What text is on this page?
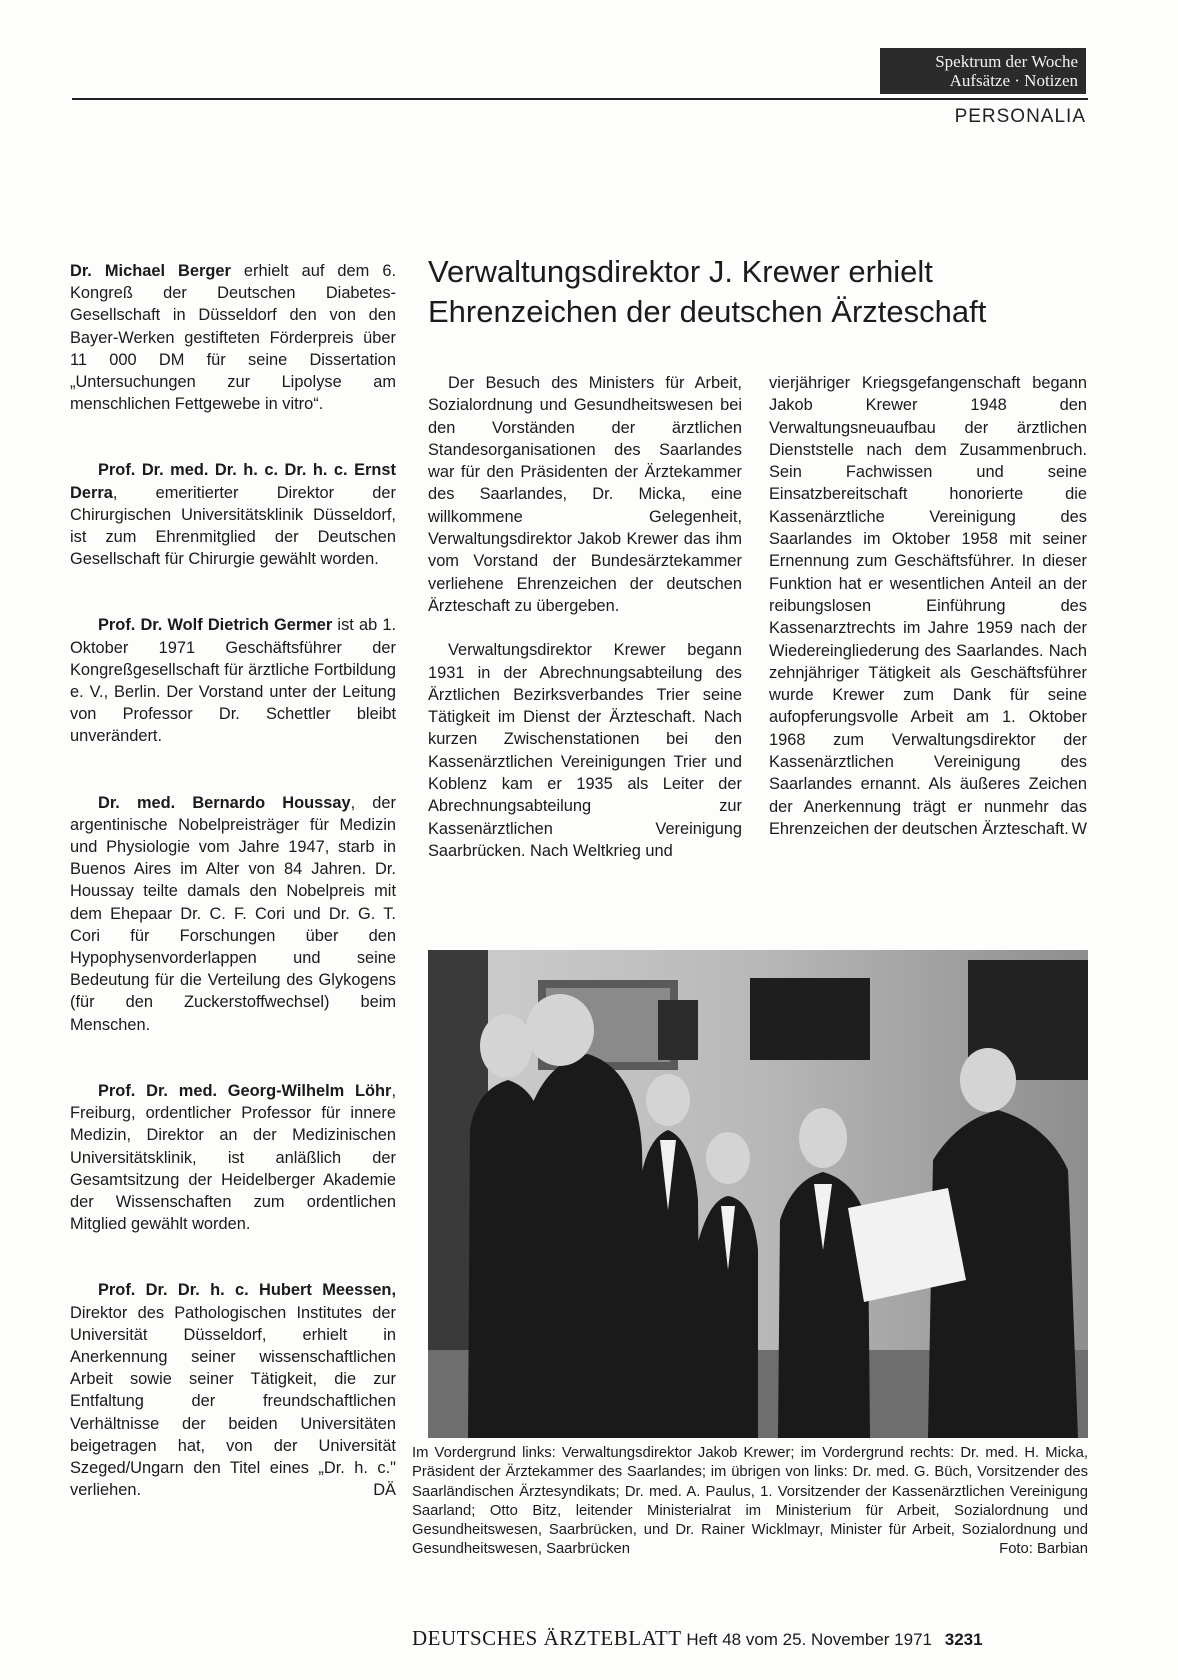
Spektrum der Woche
Aufsätze · Notizen
PERSONALIA

Dr. Michael Berger erhielt auf dem 6. Kongreß der Deutschen Diabetes-Gesellschaft in Düsseldorf den von den Bayer-Werken gestifteten Förderpreis über 11 000 DM für seine Dissertation „Untersuchungen zur Lipolyse am menschlichen Fettgewebe in vitro“.

Prof. Dr. med. Dr. h. c. Dr. h. c. Ernst Derra, emeritierter Direktor der Chirurgischen Universitätsklinik Düsseldorf, ist zum Ehrenmitglied der Deutschen Gesellschaft für Chirurgie gewählt worden.

Prof. Dr. Wolf Dietrich Germer ist ab 1. Oktober 1971 Geschäftsführer der Kongreßgesellschaft für ärztliche Fortbildung e. V., Berlin. Der Vorstand unter der Leitung von Professor Dr. Schettler bleibt unverändert.

Dr. med. Bernardo Houssay, der argentinische Nobelpreisträger für Medizin und Physiologie vom Jahre 1947, starb in Buenos Aires im Alter von 84 Jahren. Dr. Houssay teilte damals den Nobelpreis mit dem Ehepaar Dr. C. F. Cori und Dr. G. T. Cori für Forschungen über den Hypophysenvorderlappen und seine Bedeutung für die Verteilung des Glykogens (für den Zuckerstoffwechsel) beim Menschen.

Prof. Dr. med. Georg-Wilhelm Löhr, Freiburg, ordentlicher Professor für innere Medizin, Direktor an der Medizinischen Universitätsklinik, ist anläßlich der Gesamtsitzung der Heidelberger Akademie der Wissenschaften zum ordentlichen Mitglied gewählt worden.

Prof. Dr. Dr. h. c. Hubert Meessen, Direktor des Pathologischen Institutes der Universität Düsseldorf, erhielt in Anerkennung seiner wissenschaftlichen Arbeit sowie seiner Tätigkeit, die zur Entfaltung der freundschaftlichen Verhältnisse der beiden Universitäten beigetragen hat, von der Universität Szeged/Ungarn den Titel eines „Dr. h. c." verliehen.	DÄ

Verwaltungsdirektor J. Krewer erhielt
Ehrenzeichen der deutschen Ärzteschaft

Der Besuch des Ministers für Arbeit, Sozialordnung und Gesundheitswesen bei den Vorständen der ärztlichen Standesorganisationen des Saarlandes war für den Präsidenten der Ärztekammer des Saarlandes, Dr. Micka, eine willkommene Gelegenheit, Verwaltungsdirektor Jakob Krewer das ihm vom Vorstand der Bundesärztekammer verliehene Ehrenzeichen der deutschen Ärzteschaft zu übergeben.

Verwaltungsdirektor Krewer begann 1931 in der Abrechnungsabteilung des Ärztlichen Bezirksverbandes Trier seine Tätigkeit im Dienst der Ärzteschaft. Nach kurzen Zwischenstationen bei den Kassenärztlichen Vereinigungen Trier und Koblenz kam er 1935 als Leiter der Abrechnungsabteilung zur Kassenärztlichen Vereinigung Saarbrücken. Nach Weltkrieg und

vierjähriger Kriegsgefangenschaft begann Jakob Krewer 1948 den Verwaltungsneuaufbau der ärztlichen Dienststelle nach dem Zusammenbruch. Sein Fachwissen und seine Einsatzbereitschaft honorierte die Kassenärztliche Vereinigung des Saarlandes im Oktober 1958 mit seiner Ernennung zum Geschäftsführer. In dieser Funktion hat er wesentlichen Anteil an der reibungslosen Einführung des Kassenarztrechts im Jahre 1959 nach der Wiedereingliederung des Saarlandes. Nach zehnjähriger Tätigkeit als Geschäftsführer wurde Krewer zum Dank für seine aufopferungsvolle Arbeit am 1. Oktober 1968 zum Verwaltungsdirektor der Kassenärztlichen Vereinigung des Saarlandes ernannt. Als äußeres Zeichen der Anerkennung trägt er nunmehr das Ehrenzeichen der deutschen Ärzteschaft. W
Im Vordergrund links: Verwaltungsdirektor Jakob Krewer; im Vordergrund rechts: Dr. med. H. Micka, Präsident der Ärztekammer des Saarlandes; im übrigen von links: Dr. med. G. Büch, Vorsitzender des Saarländischen Ärztesyndikats; Dr. med. A. Paulus, 1. Vorsitzender der Kassenärztlichen Vereinigung Saarland; Otto Bitz, leitender Ministerialrat im Ministerium für Arbeit, Sozialordnung und Gesundheitswesen, Saarbrücken, und Dr. Rainer Wicklmayr, Minister für Arbeit, Sozialordnung und Gesundheitswesen, Saarbrücken	Foto: Barbian
DEUTSCHES ÄRZTEBLATT Heft 48 vom 25. November 1971 3231
